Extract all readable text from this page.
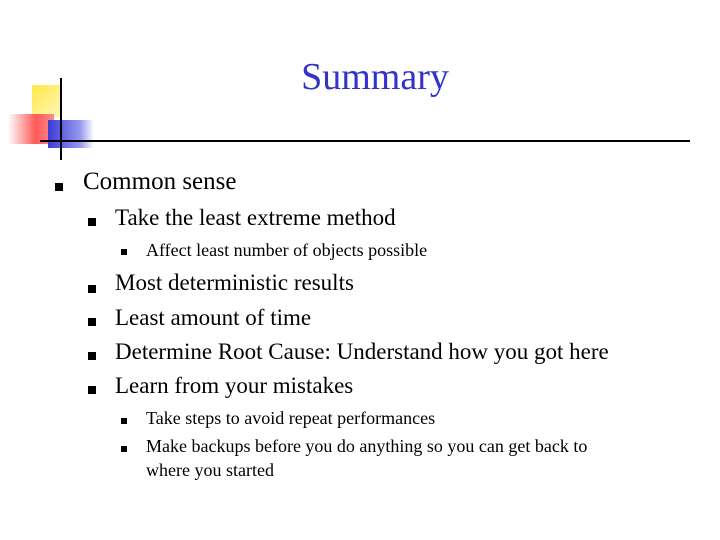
Summary
Common sense
Take the least extreme method
Affect least number of objects possible
Most deterministic results
Least amount of time
Determine Root Cause: Understand how you got here
Learn from your mistakes
Take steps to avoid repeat performances
Make backups before you do anything so you can get back to
where you started
